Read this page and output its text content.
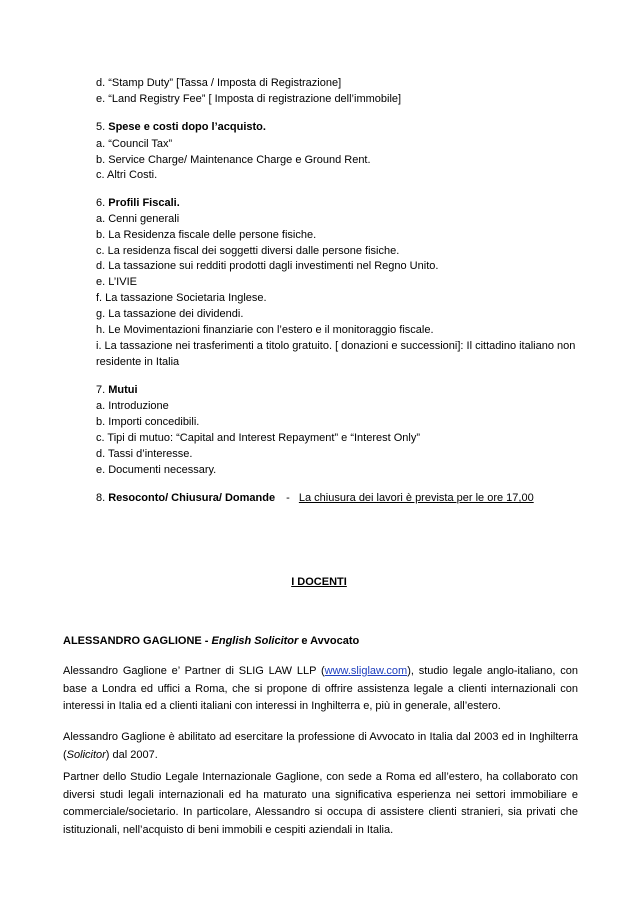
d. “Stamp Duty” [Tassa / Imposta di Registrazione]
e. “Land Registry Fee” [ Imposta di registrazione dell’immobile]
5. Spese e costi dopo l’acquisto.
a. “Council Tax”
b. Service Charge/ Maintenance Charge e Ground Rent.
c. Altri Costi.
6. Profili Fiscali.
a. Cenni generali
b. La Residenza fiscale delle persone fisiche.
c. La residenza fiscal dei soggetti diversi dalle persone fisiche.
d. La tassazione sui redditi prodotti dagli investimenti nel Regno Unito.
e. L’IVIE
f. La tassazione Societaria Inglese.
g. La tassazione dei dividendi.
h. Le Movimentazioni finanziarie con l’estero e il monitoraggio fiscale.
i. La tassazione nei trasferimenti a titolo gratuito. [ donazioni e successioni]: Il cittadino italiano non
residente in Italia
7. Mutui
a. Introduzione
b. Importi concedibili.
c. Tipi di mutuo: “Capital and Interest Repayment” e “Interest Only”
d. Tassi d’interesse.
e. Documenti necessary.
8. Resoconto/ Chiusura/ Domande - La chiusura dei lavori è prevista per le ore 17,00
I DOCENTI
ALESSANDRO GAGLIONE - English Solicitor e Avvocato
Alessandro Gaglione e’ Partner di SLIG LAW LLP (www.sliglaw.com), studio legale anglo-italiano, con base a Londra ed uffici a Roma, che si propone di offrire assistenza legale a clienti internazionali con interessi in Italia ed a clienti italiani con interessi in Inghilterra e, più in generale, all’estero.
Alessandro Gaglione è abilitato ad esercitare la professione di Avvocato in Italia dal 2003 ed in Inghilterra (Solicitor) dal 2007.
Partner dello Studio Legale Internazionale Gaglione, con sede a Roma ed all’estero, ha collaborato con diversi studi legali internazionali ed ha maturato una significativa esperienza nei settori immobiliare e commerciale/societario. In particolare, Alessandro si occupa di assistere clienti stranieri, sia privati che istituzionali, nell’acquisto di beni immobili e cespiti aziendali in Italia.
